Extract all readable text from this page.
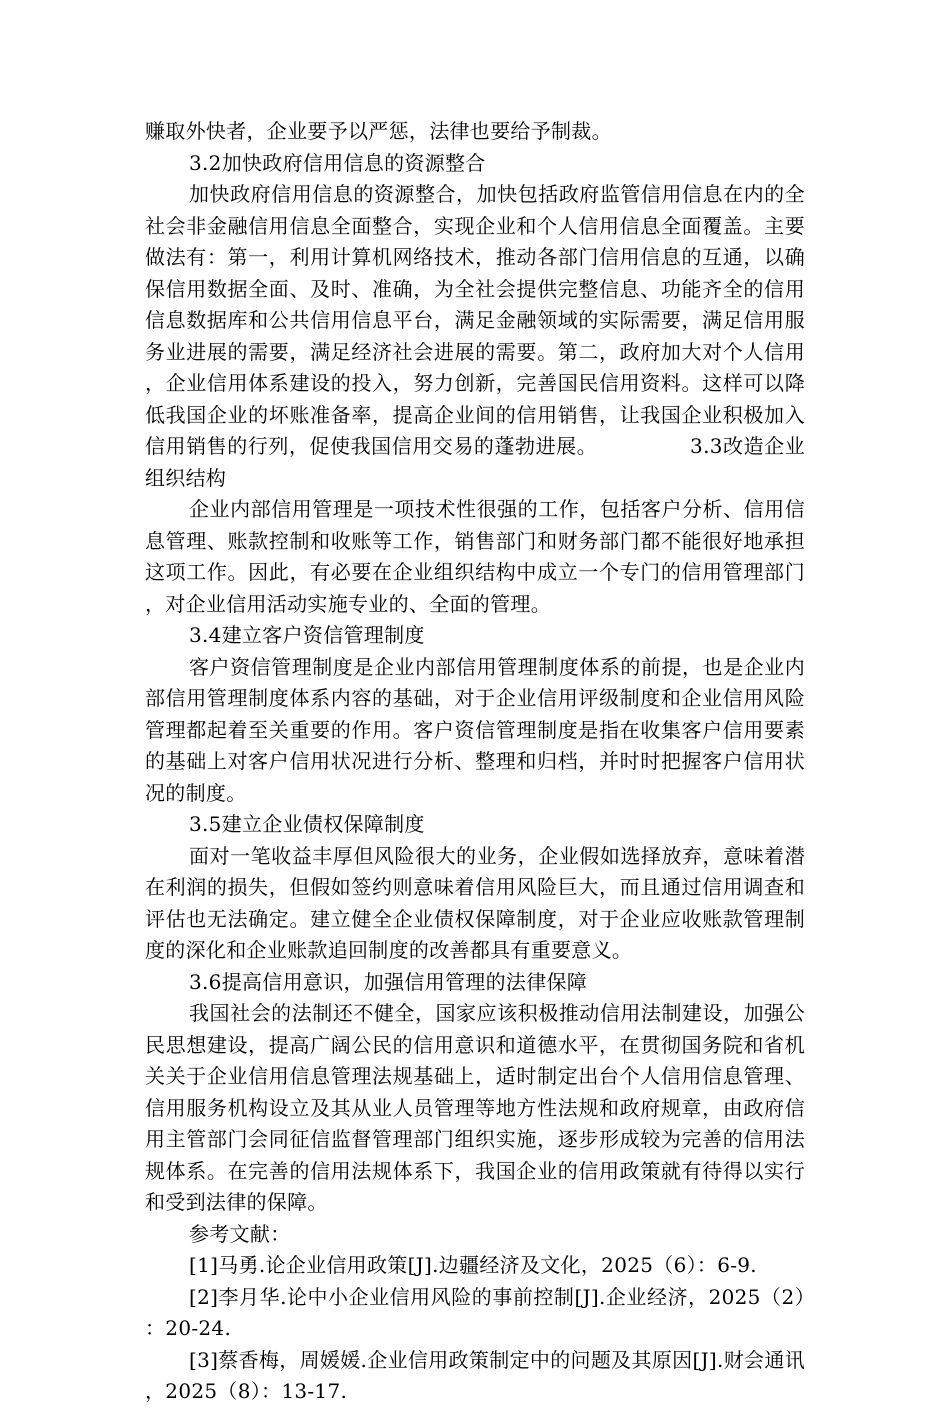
赚取外快者，企业要予以严惩，法律也要给予制裁。

3.2加快政府信用信息的资源整合

加快政府信用信息的资源整合，加快包括政府监管信用信息在内的全社会非金融信用信息全面整合，实现企业和个人信用信息全面覆盖。主要做法有：第一，利用计算机网络技术，推动各部门信用信息的互通，以确保信用数据全面、及时、准确，为全社会提供完整信息、功能齐全的信用信息数据库和公共信用信息平台，满足金融领域的实际需要，满足信用服务业进展的需要，满足经济社会进展的需要。第二，政府加大对个人信用，企业信用体系建设的投入，努力创新，完善国民信用资料。这样可以降低我国企业的坏账准备率，提高企业间的信用销售，让我国企业积极加入信用销售的行列，促使我国信用交易的蓬勃进展。　　　　　3.3改造企业组织结构

企业内部信用管理是一项技术性很强的工作，包括客户分析、信用信息管理、账款控制和收账等工作，销售部门和财务部门都不能很好地承担这项工作。因此，有必要在企业组织结构中成立一个专门的信用管理部门，对企业信用活动实施专业的、全面的管理。

3.4建立客户资信管理制度

客户资信管理制度是企业内部信用管理制度体系的前提，也是企业内部信用管理制度体系内容的基础，对于企业信用评级制度和企业信用风险管理都起着至关重要的作用。客户资信管理制度是指在收集客户信用要素的基础上对客户信用状况进行分析、整理和归档，并时时把握客户信用状况的制度。

3.5建立企业债权保障制度

面对一笔收益丰厚但风险很大的业务，企业假如选择放弃，意味着潜在利润的损失，但假如签约则意味着信用风险巨大，而且通过信用调查和评估也无法确定。建立健全企业债权保障制度，对于企业应收账款管理制度的深化和企业账款追回制度的改善都具有重要意义。

3.6提高信用意识，加强信用管理的法律保障

我国社会的法制还不健全，国家应该积极推动信用法制建设，加强公民思想建设，提高广阔公民的信用意识和道德水平，在贯彻国务院和省机关关于企业信用信息管理法规基础上，适时制定出台个人信用信息管理、信用服务机构设立及其从业人员管理等地方性法规和政府规章，由政府信用主管部门会同征信监督管理部门组织实施，逐步形成较为完善的信用法规体系。在完善的信用法规体系下，我国企业的信用政策就有待得以实行和受到法律的保障。

参考文献：

[1]马勇.论企业信用政策[J].边疆经济及文化，2025（6）：6-9.

[2]李月华.论中小企业信用风险的事前控制[J].企业经济，2025（2）：20-24.

[3]蔡香梅，周媛媛.企业信用政策制定中的问题及其原因[J].财会通讯，2025（8）：13-17.
